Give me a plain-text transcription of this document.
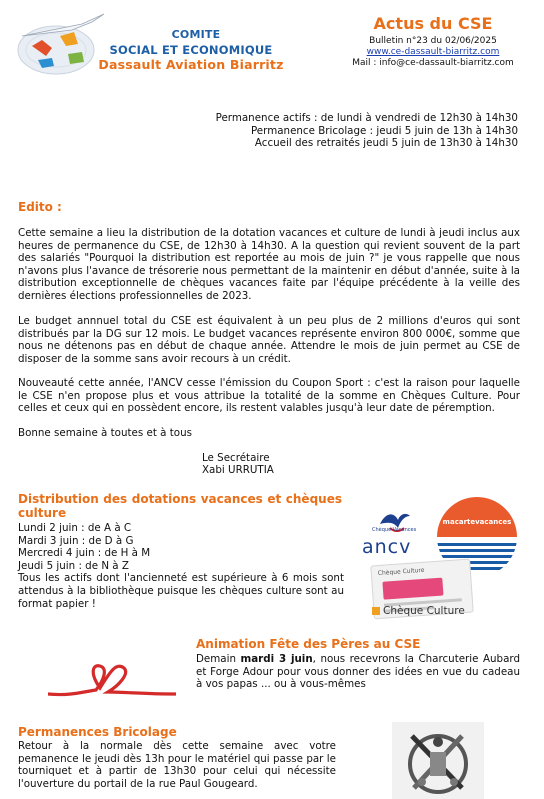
COMITE
SOCIAL ET ECONOMIQUE
Dassault Aviation Biarritz
Actus du CSE
Bulletin n°23 du 02/06/2025
www.ce-dassault-biarritz.com
Mail : info@ce-dassault-biarritz.com
Permanence actifs : de lundi à vendredi de 12h30 à 14h30
Permanence Bricolage : jeudi 5 juin de 13h à 14h30
Accueil des retraités jeudi 5 juin de 13h30 à 14h30
Edito :
Cette semaine a lieu la distribution de la dotation vacances et culture de lundi à jeudi inclus aux heures de permanence du CSE, de 12h30 à 14h30. A la question qui revient souvent de la part des salariés "Pourquoi la distribution est reportée au mois de juin ?" je vous rappelle que nous n'avons plus l'avance de trésorerie nous permettant de la maintenir en début d'année, suite à la distribution exceptionnelle de chèques vacances faite par l'équipe précédente à la veille des dernières élections professionnelles de 2023.
Le budget annnuel total du CSE est équivalent à un peu plus de 2 millions d'euros qui sont distribués par la DG sur 12 mois. Le budget vacances représente environ 800 000€, somme que nous ne détenons pas en début de chaque année. Attendre le mois de juin permet au CSE de disposer de la somme sans avoir recours à un crédit.
Nouveauté cette année, l'ANCV cesse l'émission du Coupon Sport : c'est la raison pour laquelle le CSE n'en propose plus et vous attribue la totalité de la somme en Chèques Culture. Pour celles et ceux qui en possèdent encore, ils restent valables jusqu'à leur date de péremption.
Bonne semaine à toutes et à tous
Le Secrétaire
Xabi URRUTIA
Distribution des dotations vacances et chèques culture
Lundi 2 juin : de A à C
Mardi 3 juin : de D à G
Mercredi 4 juin : de H à M
Jeudi 5 juin : de N à Z
Tous les actifs dont l'ancienneté est supérieure à 6 mois sont attendus à la bibliothèque puisque les chèques culture sont au format papier !
Chèque-Vacances
ancv
macartevacances
Chèque Culture
Chèque Culture
Animation Fête des Pères au CSE
Demain mardi 3 juin, nous recevrons la Charcuterie Aubard et Forge Adour pour vous donner des idées en vue du cadeau à vos papas ... ou à vous-mêmes
Permanences Bricolage
Retour à la normale dès cette semaine avec votre pemanence le jeudi dès 13h pour le matériel qui passe par le tourniquet et à partir de 13h30 pour celui qui nécessite l'ouverture du portail de la rue Paul Gougeard.
